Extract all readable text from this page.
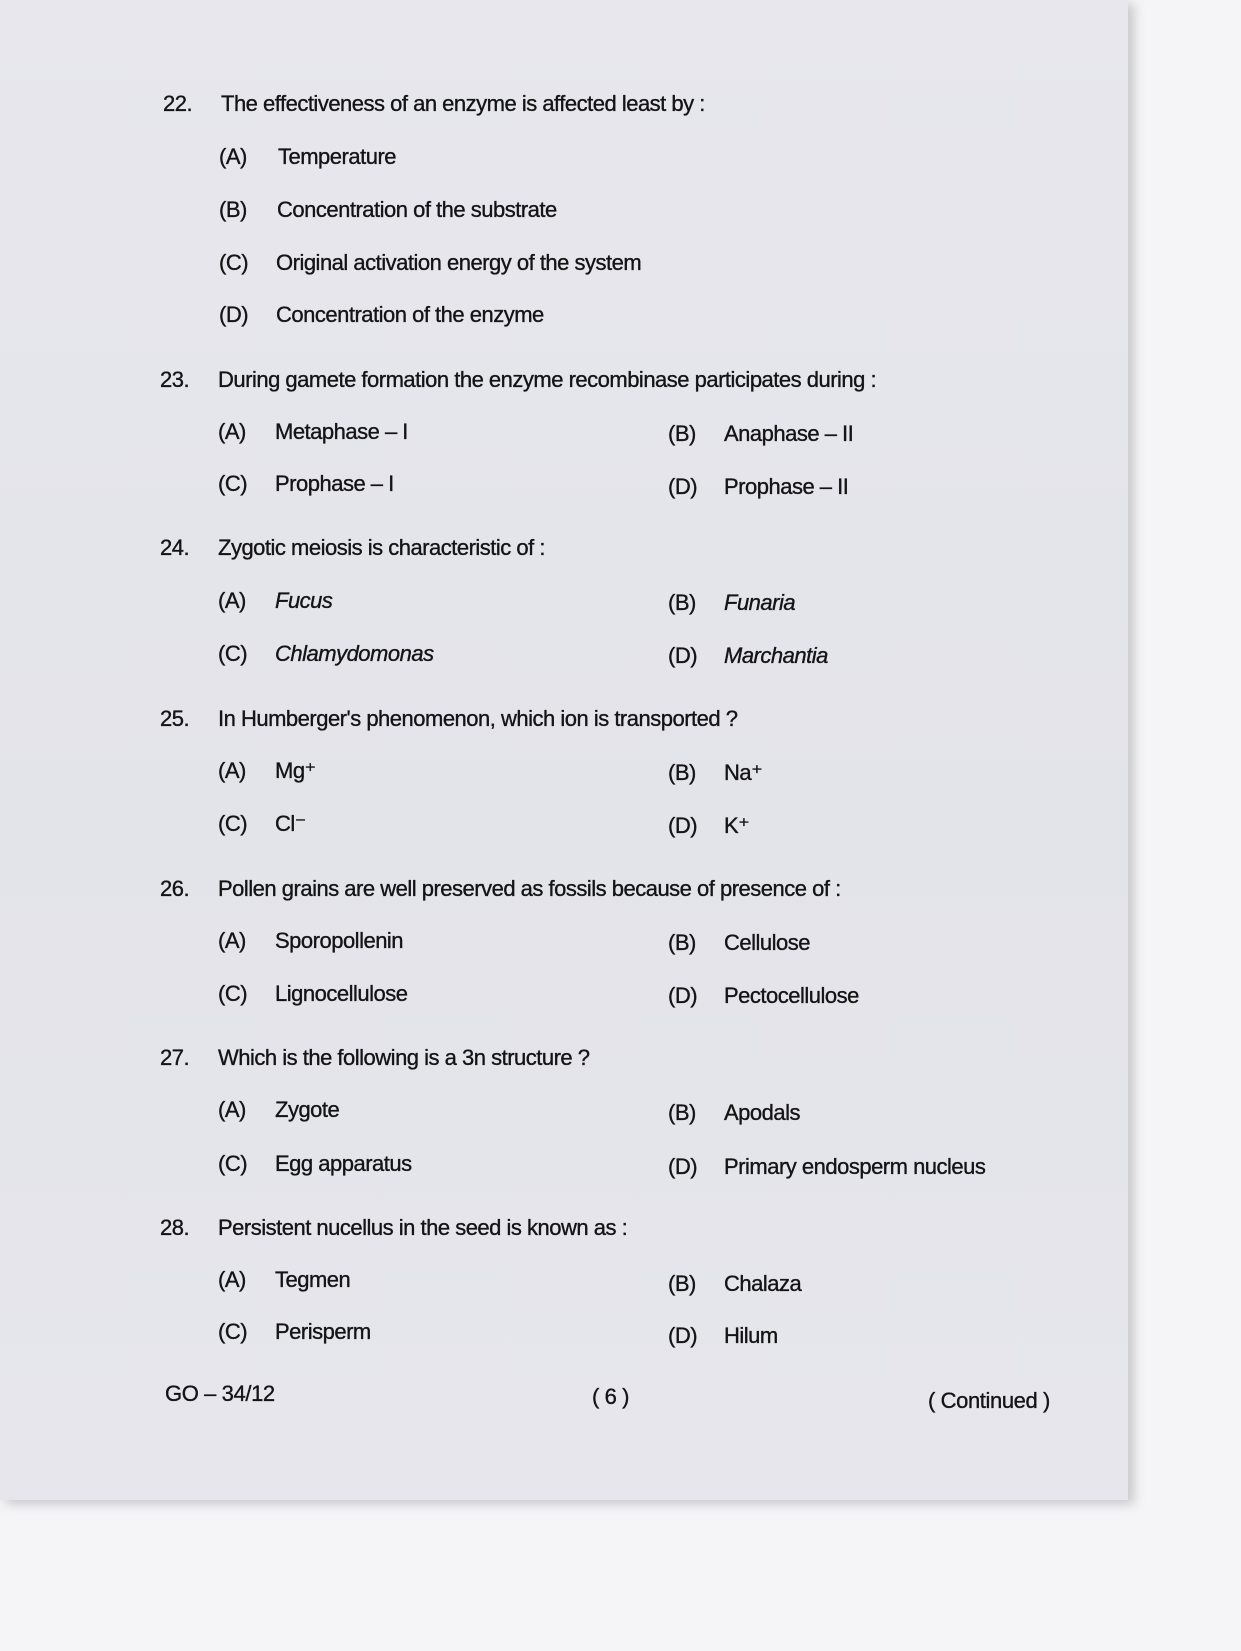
22. The effectiveness of an enzyme is affected least by :
(A) Temperature
(B) Concentration of the substrate
(C) Original activation energy of the system
(D) Concentration of the enzyme
23. During gamete formation the enzyme recombinase participates during :
(A) Metaphase – I	(B) Anaphase – II
(C) Prophase – I	(D) Prophase – II
24. Zygotic meiosis is characteristic of :
(A) Fucus	(B) Funaria
(C) Chlamydomonas	(D) Marchantia
25. In Humberger's phenomenon, which ion is transported ?
(A) Mg⁺	(B) Na⁺
(C) Cl⁻	(D) K⁺
26. Pollen grains are well preserved as fossils because of presence of :
(A) Sporopollenin	(B) Cellulose
(C) Lignocellulose	(D) Pectocellulose
27. Which is the following is a 3n structure ?
(A) Zygote	(B) Apodals
(C) Egg apparatus	(D) Primary endosperm nucleus
28. Persistent nucellus in the seed is known as :
(A) Tegmen	(B) Chalaza
(C) Perisperm	(D) Hilum
GO – 34/12	( 6 )	( Continued )
